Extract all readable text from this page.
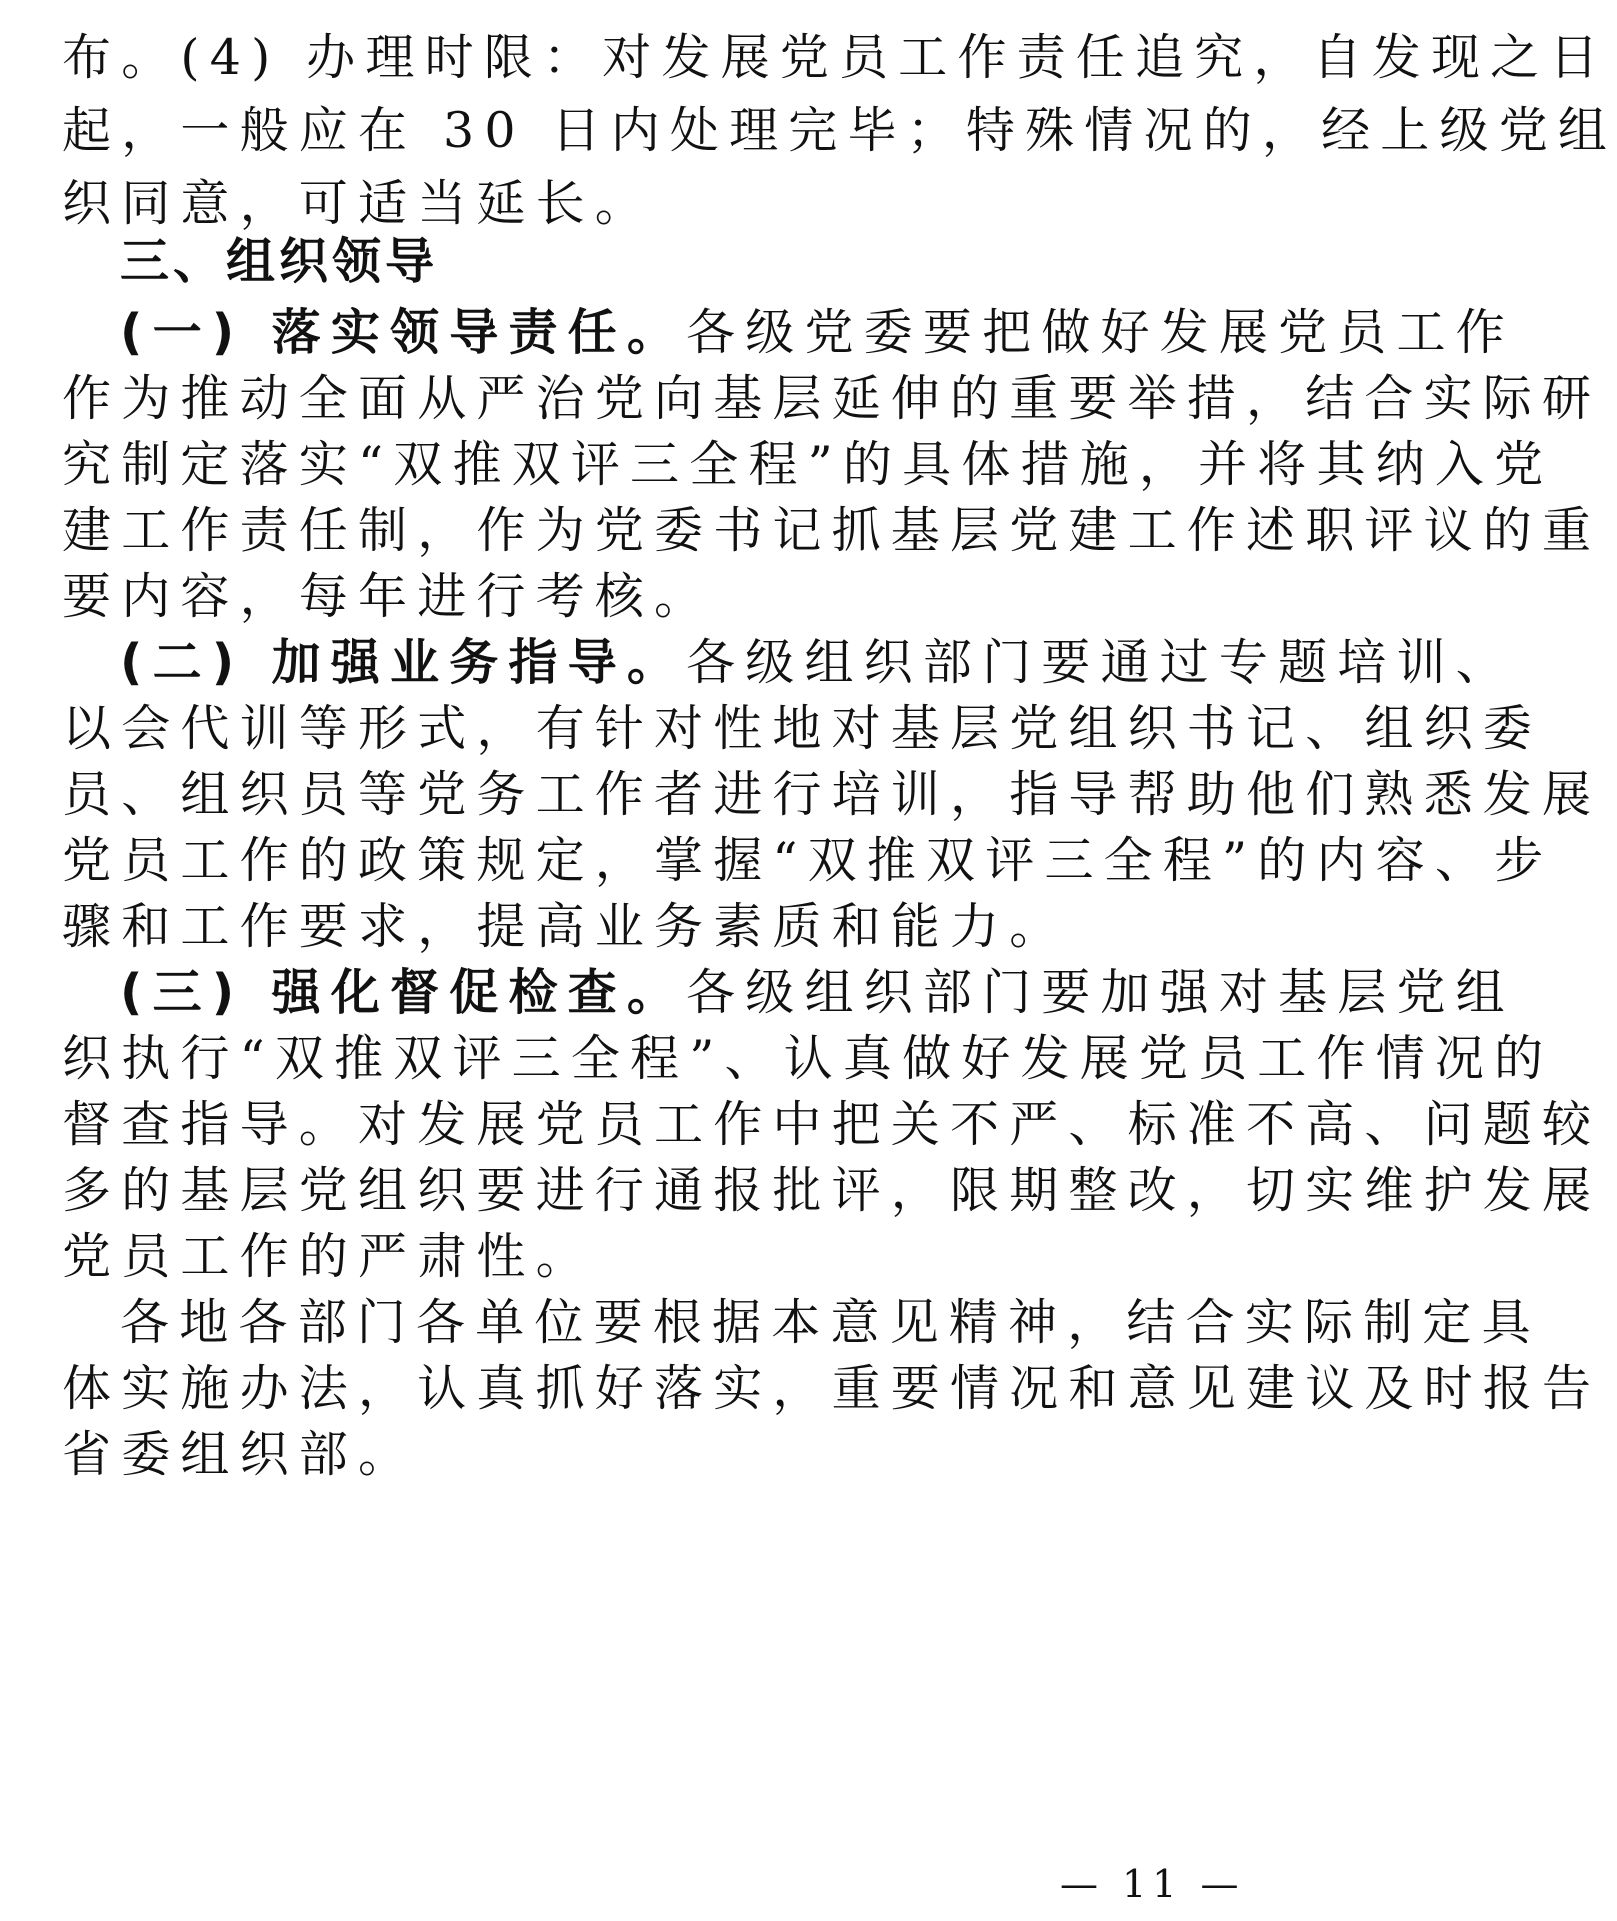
布。(4) 办理时限：对发展党员工作责任追究，自发现之日
起，一般应在 30 日内处理完毕；特殊情况的，经上级党组
织同意，可适当延长。
三、组织领导
(一) 落实领导责任。各级党委要把做好发展党员工作
作为推动全面从严治党向基层延伸的重要举措，结合实际研
究制定落实“双推双评三全程”的具体措施，并将其纳入党
建工作责任制，作为党委书记抓基层党建工作述职评议的重
要内容，每年进行考核。
(二) 加强业务指导。各级组织部门要通过专题培训、
以会代训等形式，有针对性地对基层党组织书记、组织委
员、组织员等党务工作者进行培训，指导帮助他们熟悉发展
党员工作的政策规定，掌握“双推双评三全程”的内容、步
骤和工作要求，提高业务素质和能力。
(三) 强化督促检查。各级组织部门要加强对基层党组
织执行“双推双评三全程”、认真做好发展党员工作情况的
督查指导。对发展党员工作中把关不严、标准不高、问题较
多的基层党组织要进行通报批评，限期整改，切实维护发展
党员工作的严肃性。
各地各部门各单位要根据本意见精神，结合实际制定具
体实施办法，认真抓好落实，重要情况和意见建议及时报告
省委组织部。
— 11 —
